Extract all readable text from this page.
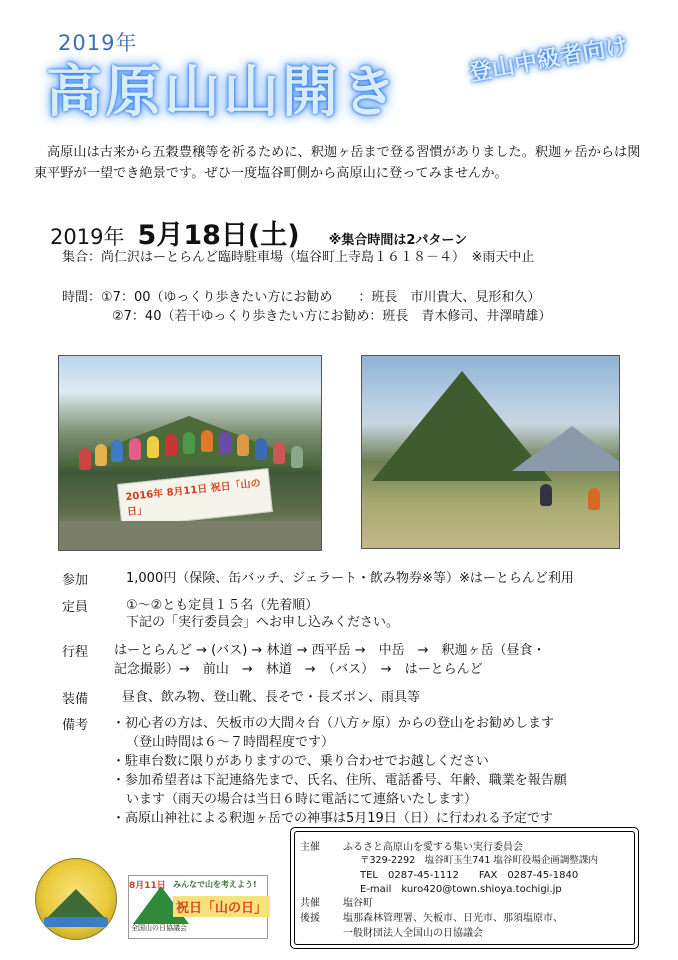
2019年
高原山山開き
登山中級者向け
高原山は古来から五穀豊穣等を祈るために、釈迦ヶ岳まで登る習慣がありました。釈迦ヶ岳からは関東平野が一望でき絶景です。ぜひ一度塩谷町側から高原山に登ってみませんか。
2019年 5月18日(土) ※集合時間は2パターン
集合：尚仁沢はーとらんど臨時駐車場（塩谷町上寺島１６１８－４）　※雨天中止
時間：①7：00（ゆっくり歩きたい方にお勧め　　：班長　市川貴大、見形和久）
②7：40（若干ゆっくり歩きたい方にお勧め：班長　青木修司、井澤晴雄）
2016年 8月11日 祝日「山の日」
参加	1,000円（保険、缶バッチ、ジェラート・飲み物券※等）※はーとらんど利用
定員	①～②とも定員１５名（先着順）
下記の「実行委員会」へお申し込みください。
行程 はーとらんど → (バス) → 林道 → 西平岳 →　中岳　→　釈迦ヶ岳（昼食・
記念撮影）→　前山　→　林道　→　（バス）　→　はーとらんど
装備	昼食、飲み物、登山靴、長そで・長ズボン、雨具等
備考 ・初心者の方は、矢板市の大間々台（八方ヶ原）からの登山をお勧めします
（登山時間は６～７時間程度です）
・駐車台数に限りがありますので、乗り合わせでお越しください
・参加希望者は下記連絡先まで、氏名、住所、電話番号、年齢、職業を報告願
います（雨天の場合は当日６時に電話にて連絡いたします）
・高原山神社による釈迦ヶ岳での神事は5月19日（日）に行われる予定です
主催 ふるさと高原山を愛する集い実行委員会
〒329-2292　塩谷町玉生741 塩谷町役場企画調整課内
TEL　0287-45-1112　　FAX　0287-45-1840
E-mail　kuro420@town.shioya.tochigi.jp
共催 塩谷町
後援 塩那森林管理署、矢板市、日光市、那須塩原市、
一般財団法人全国山の日協議会
8月11日 みんなで山を考えよう!
祝日「山の日」
全国山の日協議会
